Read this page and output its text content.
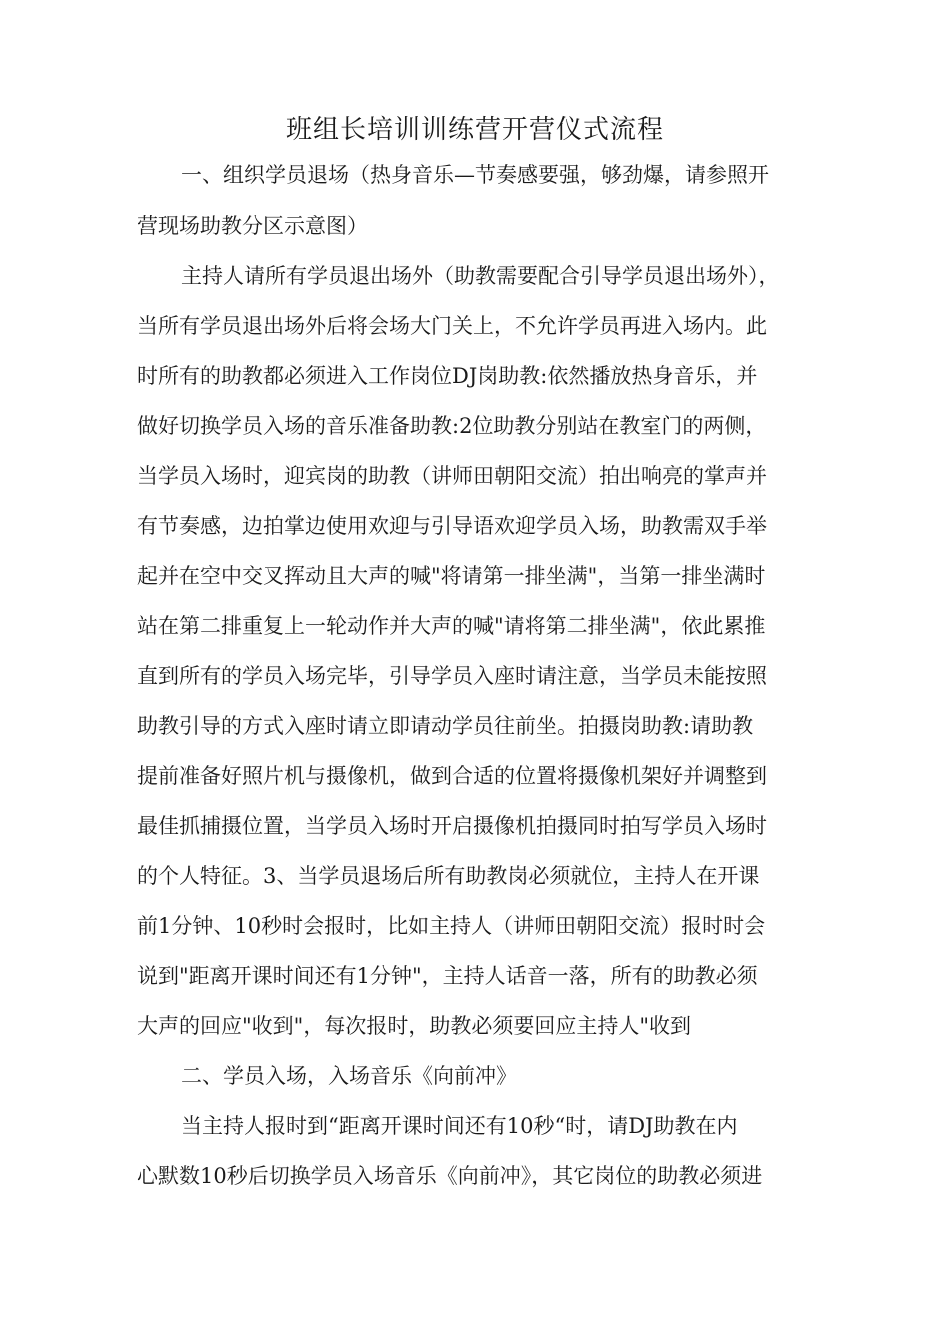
班组长培训训练营开营仪式流程
一、组织学员退场（热身音乐—节奏感要强，够劲爆，请参照开
营现场助教分区示意图）
主持人请所有学员退出场外（助教需要配合引导学员退出场外），
当所有学员退出场外后将会场大门关上，不允许学员再进入场内。此
时所有的助教都必须进入工作岗位DJ岗助教:依然播放热身音乐，并
做好切换学员入场的音乐准备助教:2位助教分别站在教室门的两侧，
当学员入场时，迎宾岗的助教（讲师田朝阳交流）拍出响亮的掌声并
有节奏感，边拍掌边使用欢迎与引导语欢迎学员入场，助教需双手举
起并在空中交叉挥动且大声的喊"将请第一排坐满"，当第一排坐满时
站在第二排重复上一轮动作并大声的喊"请将第二排坐满"，依此累推
直到所有的学员入场完毕，引导学员入座时请注意，当学员未能按照
助教引导的方式入座时请立即请动学员往前坐。拍摄岗助教:请助教
提前准备好照片机与摄像机，做到合适的位置将摄像机架好并调整到
最佳抓捕摄位置，当学员入场时开启摄像机拍摄同时拍写学员入场时
的个人特征。3、当学员退场后所有助教岗必须就位，主持人在开课
前1分钟、10秒时会报时，比如主持人（讲师田朝阳交流）报时时会
说到"距离开课时间还有1分钟"，主持人话音一落，所有的助教必须
大声的回应"收到"，每次报时，助教必须要回应主持人"收到
二、学员入场，入场音乐《向前冲》
当主持人报时到“距离开课时间还有10秒“时，请DJ助教在内
心默数10秒后切换学员入场音乐《向前冲》，其它岗位的助教必须进
